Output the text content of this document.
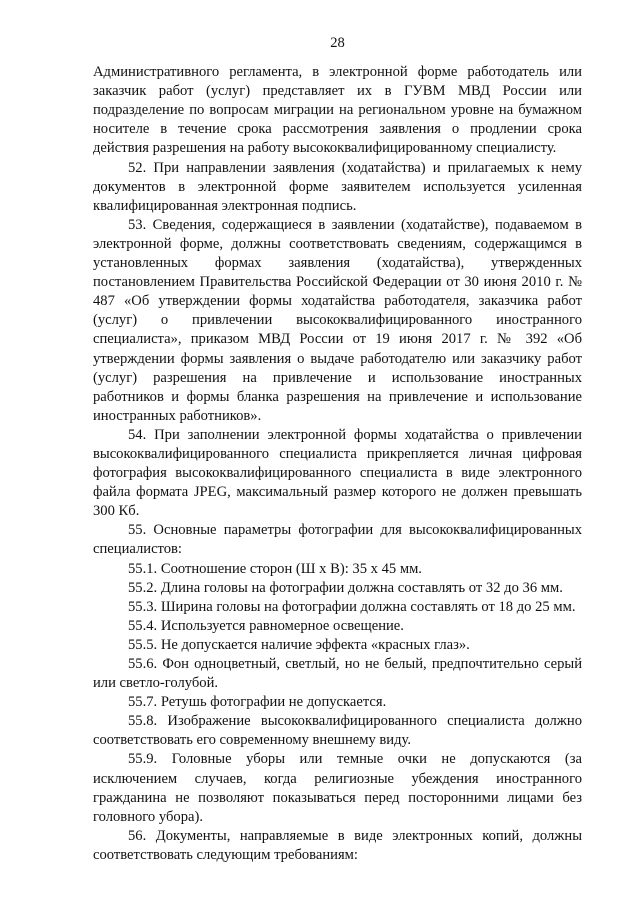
28

Административного регламента, в электронной форме работодатель или заказчик работ (услуг) представляет их в ГУВМ МВД России или подразделение по вопросам миграции на региональном уровне на бумажном носителе в течение срока рассмотрения заявления о продлении срока действия разрешения на работу высококвалифицированному специалисту.

52. При направлении заявления (ходатайства) и прилагаемых к нему документов в электронной форме заявителем используется усиленная квалифицированная электронная подпись.

53. Сведения, содержащиеся в заявлении (ходатайстве), подаваемом в электронной форме, должны соответствовать сведениям, содержащимся в установленных формах заявления (ходатайства), утвержденных постановлением Правительства Российской Федерации от 30 июня 2010 г. № 487 «Об утверждении формы ходатайства работодателя, заказчика работ (услуг) о привлечении высококвалифицированного иностранного специалиста», приказом МВД России от 19 июня 2017 г. № 392 «Об утверждении формы заявления о выдаче работодателю или заказчику работ (услуг) разрешения на привлечение и использование иностранных работников и формы бланка разрешения на привлечение и использование иностранных работников».

54. При заполнении электронной формы ходатайства о привлечении высококвалифицированного специалиста прикрепляется личная цифровая фотография высококвалифицированного специалиста в виде электронного файла формата JPEG, максимальный размер которого не должен превышать 300 Кб.

55. Основные параметры фотографии для высококвалифицированных специалистов:

55.1. Соотношение сторон (Ш х В): 35 х 45 мм.

55.2. Длина головы на фотографии должна составлять от 32 до 36 мм.

55.3. Ширина головы на фотографии должна составлять от 18 до 25 мм.

55.4. Используется равномерное освещение.

55.5. Не допускается наличие эффекта «красных глаз».

55.6. Фон одноцветный, светлый, но не белый, предпочтительно серый или светло-голубой.

55.7. Ретушь фотографии не допускается.

55.8. Изображение высококвалифицированного специалиста должно соответствовать его современному внешнему виду.

55.9. Головные уборы или темные очки не допускаются (за исключением случаев, когда религиозные убеждения иностранного гражданина не позволяют показываться перед посторонними лицами без головного убора).

56. Документы, направляемые в виде электронных копий, должны соответствовать следующим требованиям:
